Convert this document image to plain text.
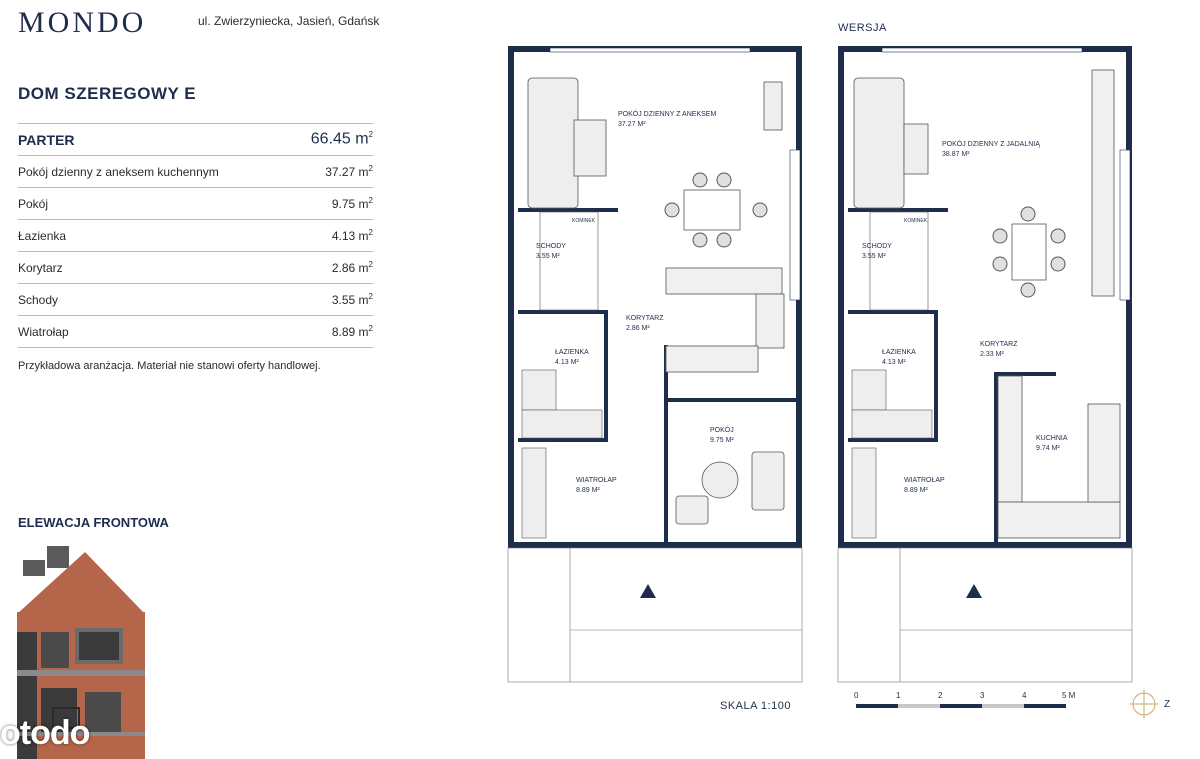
MONDO	ul. Zwierzyniecka, Jasień, Gdańsk
DOM SZEREGOWY E
PARTER	66.45 $m^2$
Pokój dzienny z aneksem kuchennym	37.27 $m^2$
Pokój	9.75 $m^2$
Łazienka	4.13 $m^2$
Korytarz	2.86 $m^2$
Schody	3.55 $m^2$
Wiatrołap	8.89 $m^2$
Przykładowa aranżacja. Materiał nie stanowi oferty handlowej.
ELEWACJA FRONTOWA
otodo
POKÓJ DZIENNY Z ANEKSEM
37.27 M²
KOMINEK
SCHODY
3.55 M²
KORYTARZ
2.86 M²
ŁAZIENKA
4.13 M²
POKÓJ
9.75 M²
WIATROŁAP
8.89 M²
WERSJA
POKÓJ DZIENNY Z JADALNIĄ
38.87 M²
KOMINEK
SCHODY
3.55 M²
KORYTARZ
2.33 M²
ŁAZIENKA
4.13 M²
KUCHNIA
9.74 M²
WIATROŁAP
8.89 M²
SKALA 1:100
0	1	2	3	4	5 M
Z
